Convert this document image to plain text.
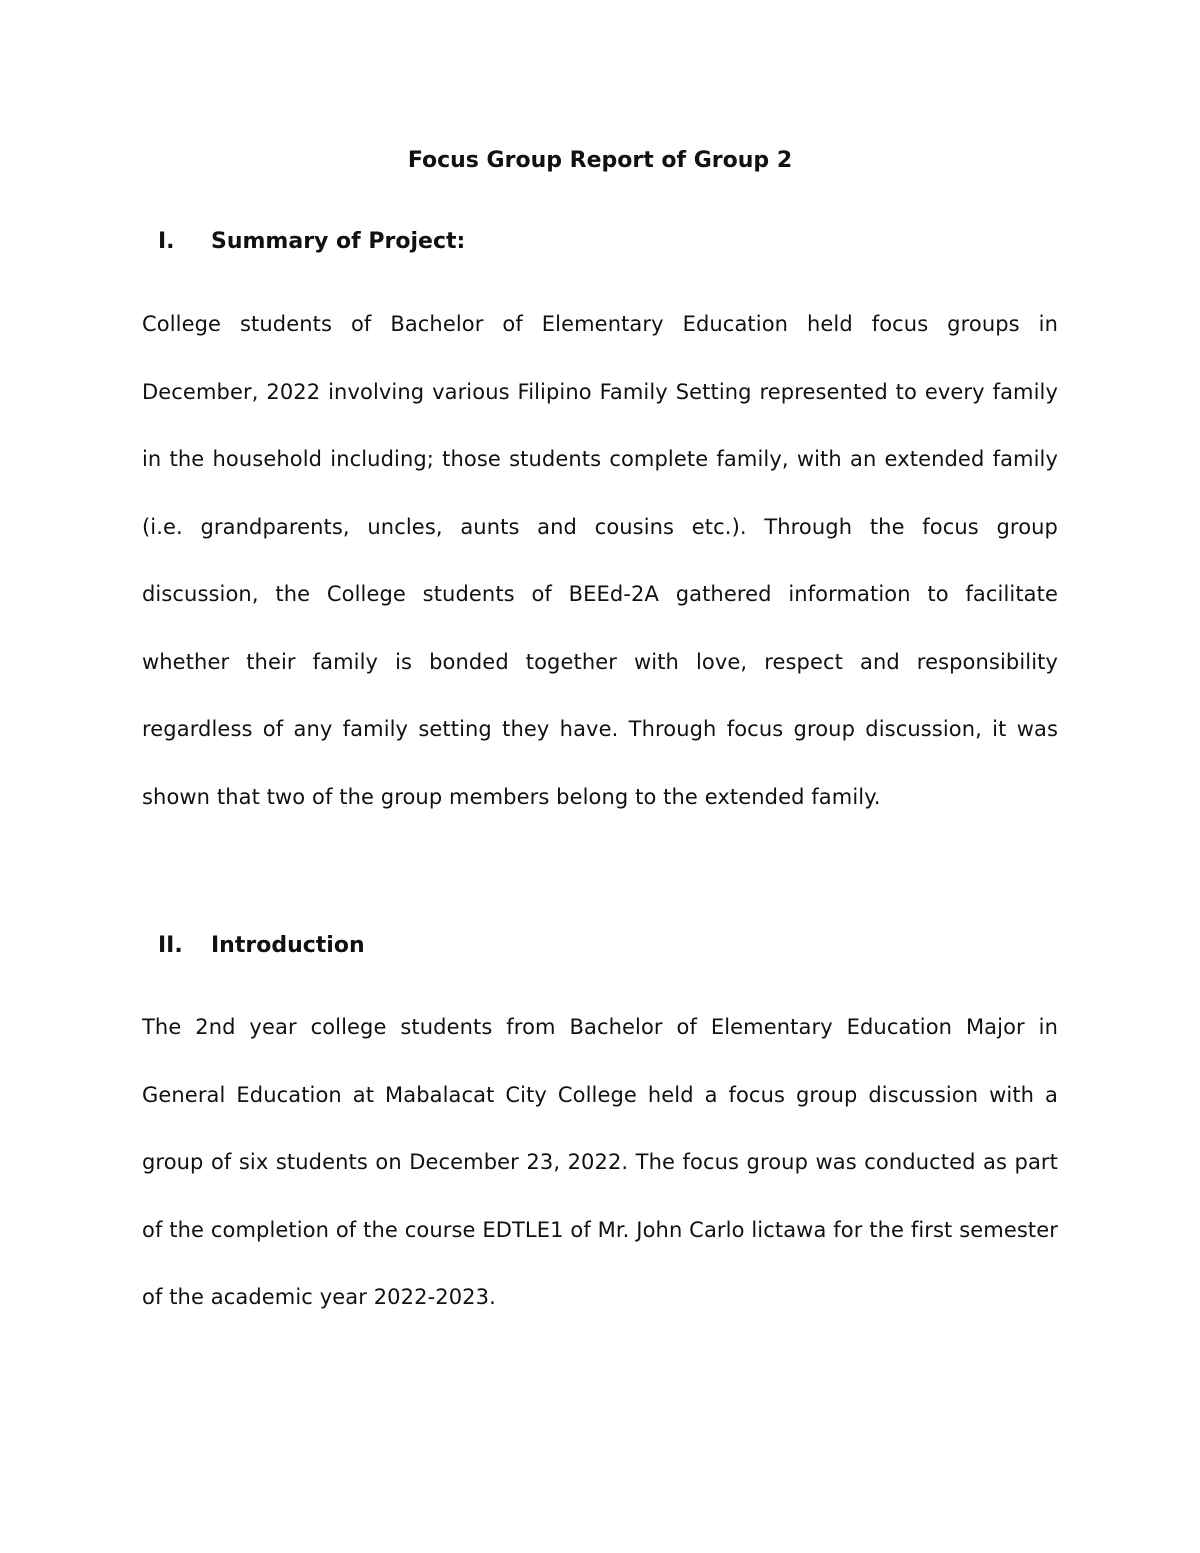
Focus Group Report of Group 2
I.	Summary of Project:

College students of Bachelor of Elementary Education held focus groups in December, 2022 involving various Filipino Family Setting represented to every family in the household including; those students complete family, with an extended family (i.e. grandparents, uncles, aunts and cousins etc.). Through the focus group discussion, the College students of BEEd-2A gathered information to facilitate whether their family is bonded together with love, respect and responsibility regardless of any family setting they have. Through focus group discussion, it was shown that two of the group members belong to the extended family.

II.	Introduction

The 2nd year college students from Bachelor of Elementary Education Major in General Education at Mabalacat City College held a focus group discussion with a group of six students on December 23, 2022. The focus group was conducted as part of the completion of the course EDTLE1 of Mr. John Carlo lictawa for the first semester of the academic year 2022-2023.
